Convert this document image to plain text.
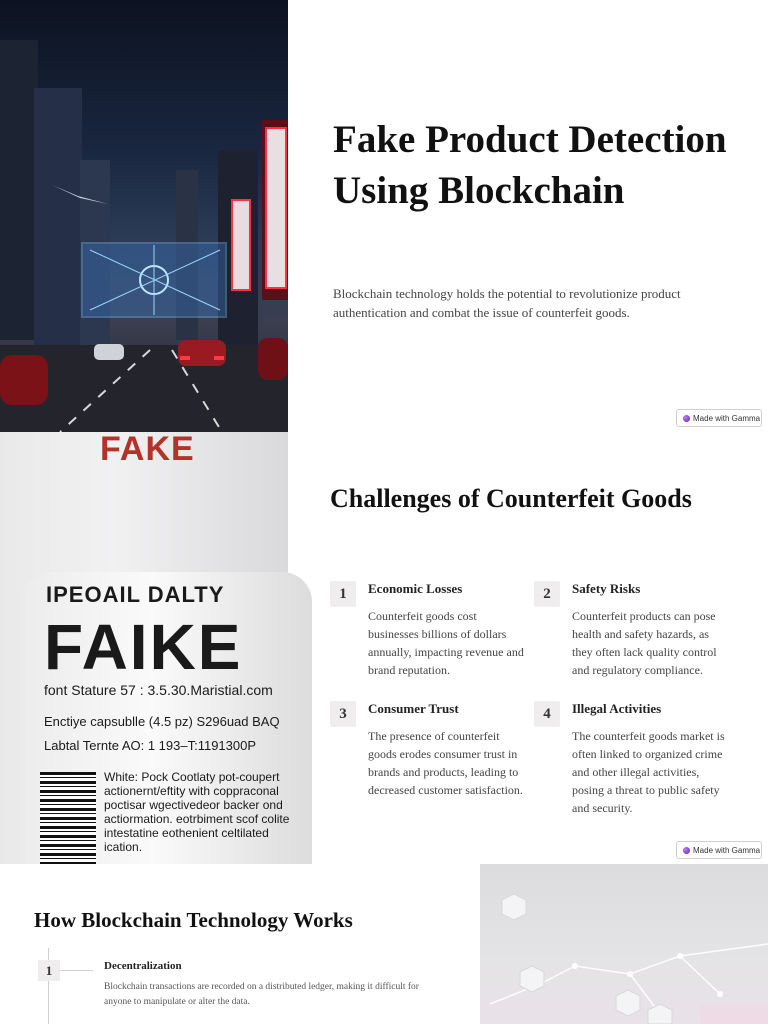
Fake Product Detection Using Blockchain

Blockchain technology holds the potential to revolutionize product authentication and combat the issue of counterfeit goods.

Made with Gamma
FAKE
IPEOAIL DALTY
FAIKE
font Stature 57 : 3.5.30.Maristial.com
Enctiye capsublle (4.5 pz) S296uad BAQ
Labtal Ternte AO: 1 193–T:1191300P
White: Pock Cootlaty pot-coupert actionernt/eftity with coppraconal poctisar wgectivedeor backer ond actiormation. eotrbiment scof colite intestatine eothenient celtilated ication.
Challenges of Counterfeit Goods
1	Economic Losses
Counterfeit goods cost businesses billions of dollars annually, impacting revenue and brand reputation.
2	Safety Risks
Counterfeit products can pose health and safety hazards, as they often lack quality control and regulatory compliance.
3	Consumer Trust
The presence of counterfeit goods erodes consumer trust in brands and products, leading to decreased customer satisfaction.
4	Illegal Activities
The counterfeit goods market is often linked to organized crime and other illegal activities, posing a threat to public safety and security.
Made with Gamma
How Blockchain Technology Works
1	Decentralization
Blockchain transactions are recorded on a distributed ledger, making it difficult for anyone to manipulate or alter the data.
